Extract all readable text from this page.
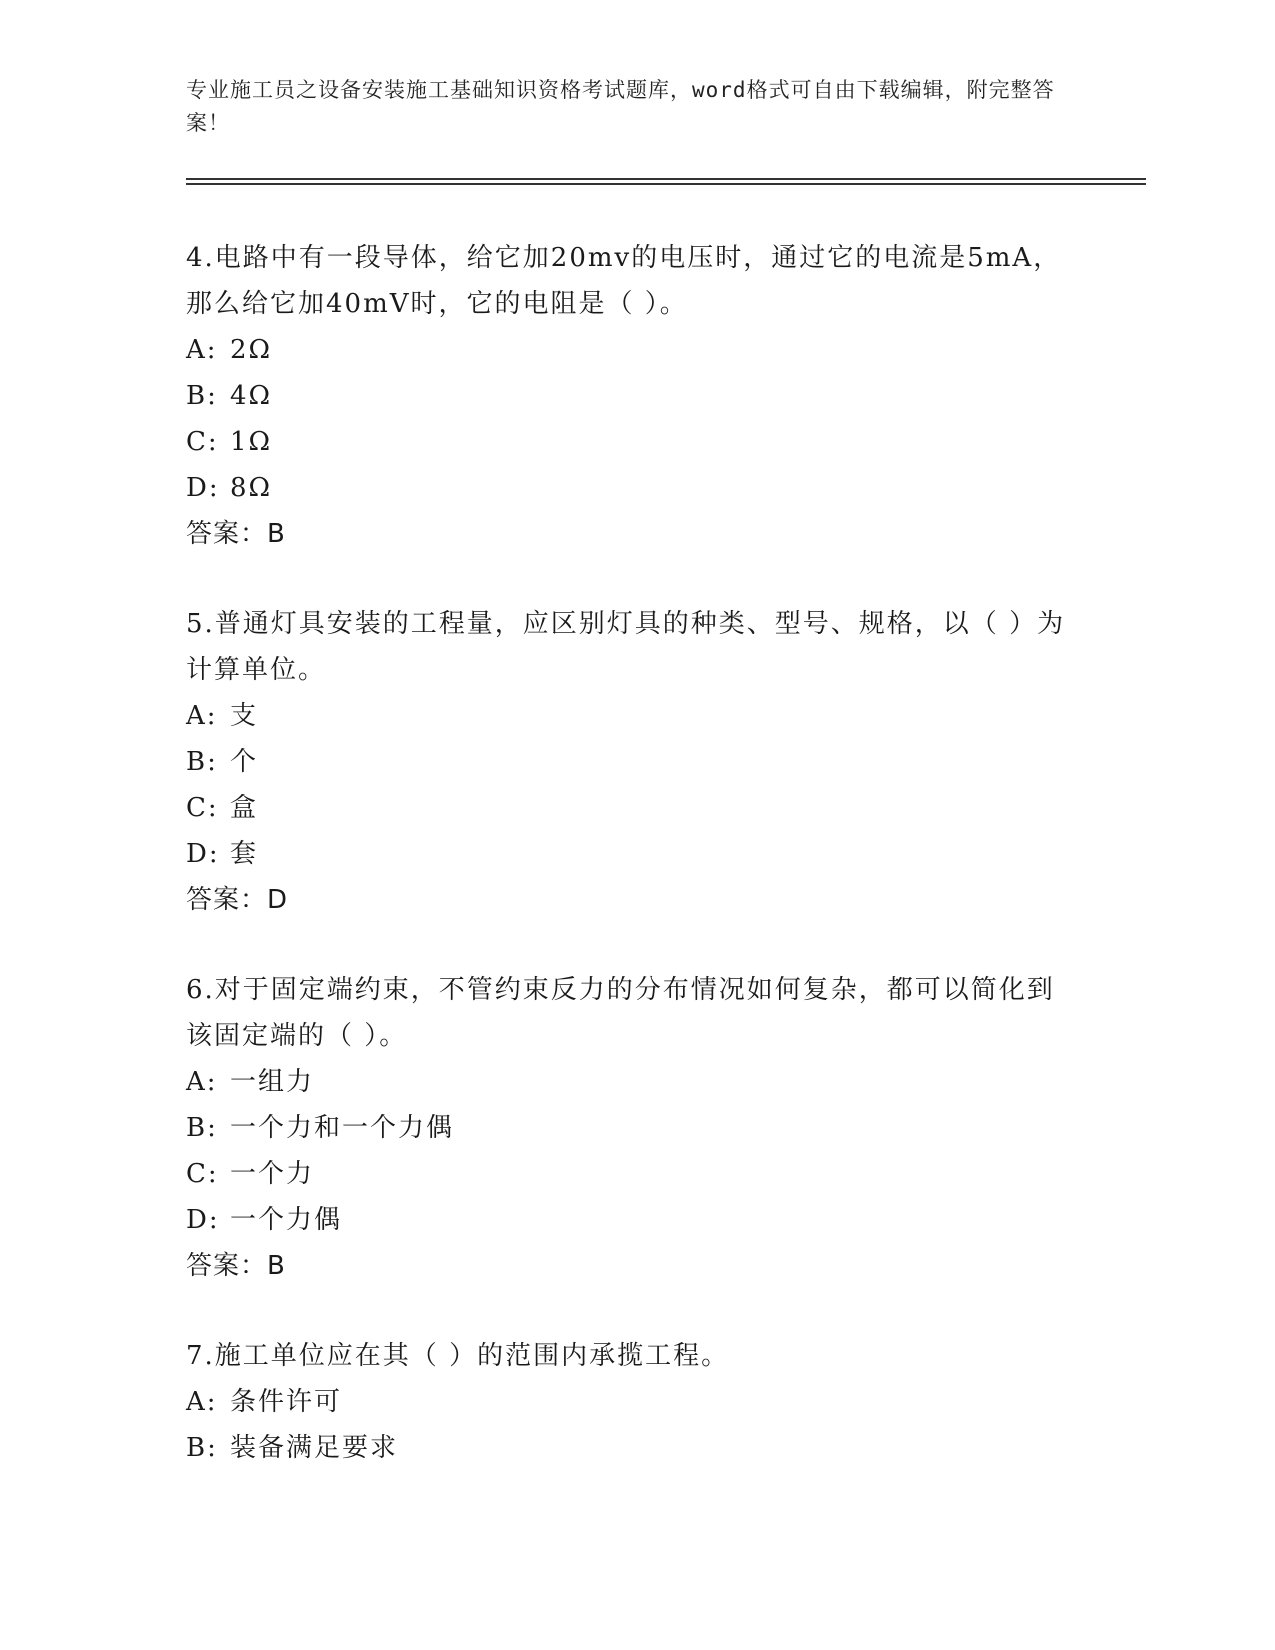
专业施工员之设备安装施工基础知识资格考试题库，word格式可自由下载编辑，附完整答案！

4.电路中有一段导体，给它加20mv的电压时，通过它的电流是5mA，那么给它加40mV时，它的电阻是（ ）。

A: 2Ω

B: 4Ω

C: 1Ω

D: 8Ω

答案：B

5.普通灯具安装的工程量，应区别灯具的种类、型号、规格，以（ ）为计算单位。

A: 支

B: 个

C: 盒

D: 套

答案：D

6.对于固定端约束，不管约束反力的分布情况如何复杂，都可以简化到该固定端的（ ）。

A: 一组力

B: 一个力和一个力偶

C: 一个力

D: 一个力偶

答案：B

7.施工单位应在其（ ）的范围内承揽工程。

A: 条件许可

B: 装备满足要求
